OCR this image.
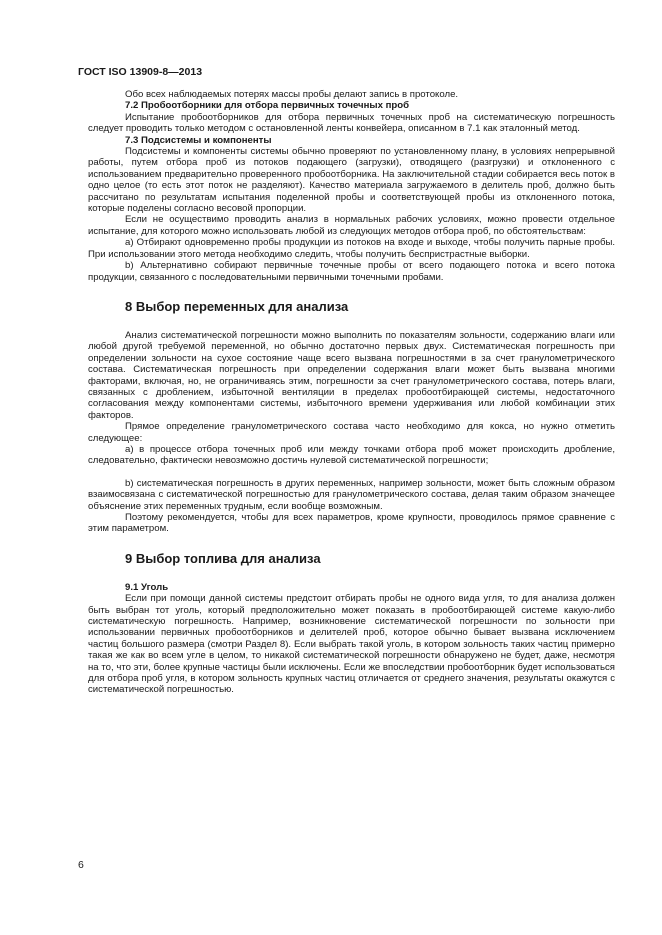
ГОСТ ISO 13909-8—2013

Обо всех наблюдаемых потерях массы пробы делают запись в протоколе.

7.2 Пробоотборники для отбора первичных точечных проб

Испытание пробоотборников для отбора первичных точечных проб на систематическую погрешность следует проводить только методом с остановленной ленты конвейера, описанном в 7.1 как эталонный метод.

7.3 Подсистемы и компоненты

Подсистемы и компоненты системы обычно проверяют по установленному плану, в условиях непрерывной работы, путем отбора проб из потоков подающего (загрузки), отводящего (разгрузки) и отклоненного с использованием предварительно проверенного пробоотборника. На заключительной стадии собирается весь поток в одно целое (то есть этот поток не разделяют). Качество материала загружаемого в делитель проб, должно быть рассчитано по результатам испытания поделенной пробы и соответствующей пробы из отклоненного потока, которые поделены согласно весовой пропорции.

Если не осуществимо проводить анализ в нормальных рабочих условиях, можно провести отдельное испытание, для которого можно использовать любой из следующих методов отбора проб, по обстоятельствам:

а) Отбирают одновременно пробы продукции из потоков на входе и выходе, чтобы получить парные пробы. При использовании этого метода необходимо следить, чтобы получить беспристрастные выборки.

b) Альтернативно собирают первичные точечные пробы от всего подающего потока и всего потока продукции, связанного с последовательными первичными точечными пробами.

8 Выбор переменных для анализа

Анализ систематической погрешности можно выполнить по показателям зольности, содержанию влаги или любой другой требуемой переменной, но обычно достаточно первых двух. Систематическая погрешность при определении зольности на сухое состояние чаще всего вызвана погрешностями в за счет гранулометрического состава. Систематическая погрешность при определении содержания влаги может быть вызвана многими факторами, включая, но, не ограничиваясь этим, погрешности за счет гранулометрического состава, потерь влаги, связанных с дроблением, избыточной вентиляции в пределах пробоотбирающей системы, недостаточного согласования между компонентами системы, избыточного времени удерживания или любой комбинации этих факторов.

Прямое определение гранулометрического состава часто необходимо для кокса, но нужно отметить следующее:

а) в процессе отбора точечных проб или между точками отбора проб может происходить дробление, следовательно, фактически невозможно достичь нулевой систематической погрешности;

b) систематическая погрешность в других переменных, например зольности, может быть сложным образом взаимосвязана с систематической погрешностью для гранулометрического состава, делая таким образом значещее объяснение этих переменных трудным, если вообще возможным.

Поэтому рекомендуется, чтобы для всех параметров, кроме крупности, проводилось прямое сравнение с этим параметром.

9 Выбор топлива для анализа

9.1 Уголь

Если при помощи данной системы предстоит отбирать пробы не одного вида угля, то для анализа должен быть выбран тот уголь, который предположительно может показать в пробоотбирающей системе какую-либо систематическую погрешность. Например, возникновение систематической погрешности по зольности при использовании первичных пробоотборников и делителей проб, которое обычно бывает вызвана исключением частиц большого размера (смотри Раздел 8). Если выбрать такой уголь, в котором зольность таких частиц примерно такая же как во всем угле в целом, то никакой систематической погрешности обнаружено не будет, даже, несмотря на то, что эти, более крупные частицы были исключены. Если же впоследствии пробоотборник будет использоваться для отбора проб угля, в котором зольность крупных частиц отличается от среднего значения, результаты окажутся с систематической погрешностью.

6
